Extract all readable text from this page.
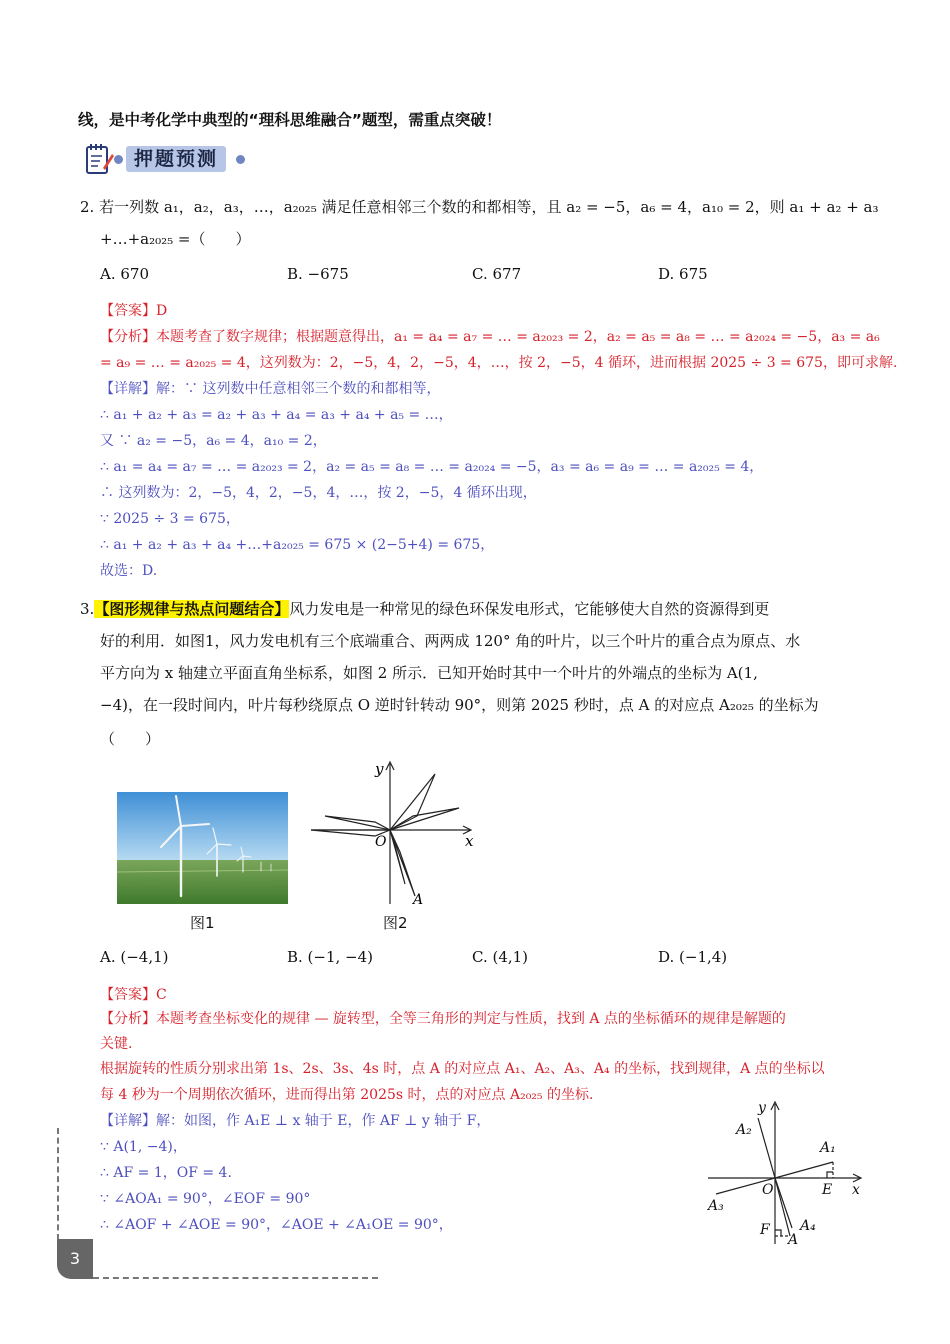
线，是中考化学中典型的“理科思维融合”题型，需重点突破！
押题预测
2. 若一列数 a₁，a₂，a₃，…，a₂₀₂₅ 满足任意相邻三个数的和都相等，且 a₂ = −5，a₆ = 4，a₁₀ = 2，则 a₁ + a₂ + a₃
+…+a₂₀₂₅ =（　　）
A. 670	B. −675	C. 677	D. 675
【答案】D
【分析】本题考查了数字规律；根据题意得出，a₁ = a₄ = a₇ = … = a₂₀₂₃ = 2，a₂ = a₅ = a₈ = … = a₂₀₂₄ = −5，a₃ = a₆
= a₉ = … = a₂₀₂₅ = 4，这列数为：2，−5，4，2，−5，4，…，按 2，−5，4 循环，进而根据 2025 ÷ 3 = 675，即可求解.
【详解】解：∵ 这列数中任意相邻三个数的和都相等，
∴ a₁ + a₂ + a₃ = a₂ + a₃ + a₄ = a₃ + a₄ + a₅ = …，
又 ∵ a₂ = −5，a₆ = 4，a₁₀ = 2，
∴ a₁ = a₄ = a₇ = … = a₂₀₂₃ = 2，a₂ = a₅ = a₈ = … = a₂₀₂₄ = −5，a₃ = a₆ = a₉ = … = a₂₀₂₅ = 4，
∴ 这列数为：2，−5，4，2，−5，4，…，按 2，−5，4 循环出现，
∵ 2025 ÷ 3 = 675，
∴ a₁ + a₂ + a₃ + a₄ +…+a₂₀₂₅ = 675 × (2−5+4) = 675，
故选：D.
3.【图形规律与热点问题结合】风力发电是一种常见的绿色环保发电形式，它能够使大自然的资源得到更
好的利用．如图1，风力发电机有三个底端重合、两两成 120° 角的叶片，以三个叶片的重合点为原点、水
平方向为 x 轴建立平面直角坐标系，如图 2 所示．已知开始时其中一个叶片的外端点的坐标为 A(1,
−4)，在一段时间内，叶片每秒绕原点 O 逆时针转动 90°，则第 2025 秒时，点 A 的对应点 A₂₀₂₅ 的坐标为
（　　）
图1
y
x
O
A
图2
A. (−4,1)	B. (−1, −4)	C. (4,1)	D. (−1,4)
【答案】C
【分析】本题考查坐标变化的规律 — 旋转型，全等三角形的判定与性质，找到 A 点的坐标循环的规律是解题的
关键.
根据旋转的性质分别求出第 1s、2s、3s、4s 时，点 A 的对应点 A₁、A₂、A₃、A₄ 的坐标，找到规律，A 点的坐标以
每 4 秒为一个周期依次循环，进而得出第 2025s 时，点的对应点 A₂₀₂₅ 的坐标.
【详解】解：如图，作 A₁E ⊥ x 轴于 E，作 AF ⊥ y 轴于 F，
∵ A(1, −4)，
∴ AF = 1，OF = 4.
∵ ∠AOA₁ = 90°，∠EOF = 90°
∴ ∠AOF + ∠AOE = 90°，∠AOE + ∠A₁OE = 90°，
y
x
O
A₂
A₁
E
A₃
F A₄
A
3
